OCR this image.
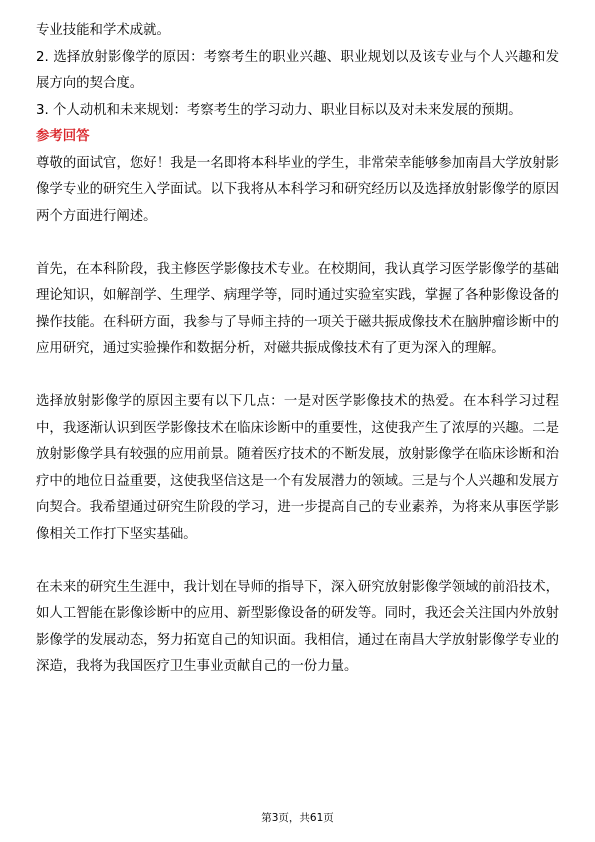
专业技能和学术成就。

2. 选择放射影像学的原因：考察考生的职业兴趣、职业规划以及该专业与个人兴趣和发展方向的契合度。

3. 个人动机和未来规划：考察考生的学习动力、职业目标以及对未来发展的预期。

参考回答

尊敬的面试官，您好！我是一名即将本科毕业的学生，非常荣幸能够参加南昌大学放射影像学专业的研究生入学面试。以下我将从本科学习和研究经历以及选择放射影像学的原因两个方面进行阐述。

首先，在本科阶段，我主修医学影像技术专业。在校期间，我认真学习医学影像学的基础理论知识，如解剖学、生理学、病理学等，同时通过实验室实践，掌握了各种影像设备的操作技能。在科研方面，我参与了导师主持的一项关于磁共振成像技术在脑肿瘤诊断中的应用研究，通过实验操作和数据分析，对磁共振成像技术有了更为深入的理解。

选择放射影像学的原因主要有以下几点：一是对医学影像技术的热爱。在本科学习过程中，我逐渐认识到医学影像技术在临床诊断中的重要性，这使我产生了浓厚的兴趣。二是放射影像学具有较强的应用前景。随着医疗技术的不断发展，放射影像学在临床诊断和治疗中的地位日益重要，这使我坚信这是一个有发展潜力的领域。三是与个人兴趣和发展方向契合。我希望通过研究生阶段的学习，进一步提高自己的专业素养，为将来从事医学影像相关工作打下坚实基础。

在未来的研究生生涯中，我计划在导师的指导下，深入研究放射影像学领域的前沿技术，如人工智能在影像诊断中的应用、新型影像设备的研发等。同时，我还会关注国内外放射影像学的发展动态，努力拓宽自己的知识面。我相信，通过在南昌大学放射影像学专业的深造，我将为我国医疗卫生事业贡献自己的一份力量。

第3页，共61页
